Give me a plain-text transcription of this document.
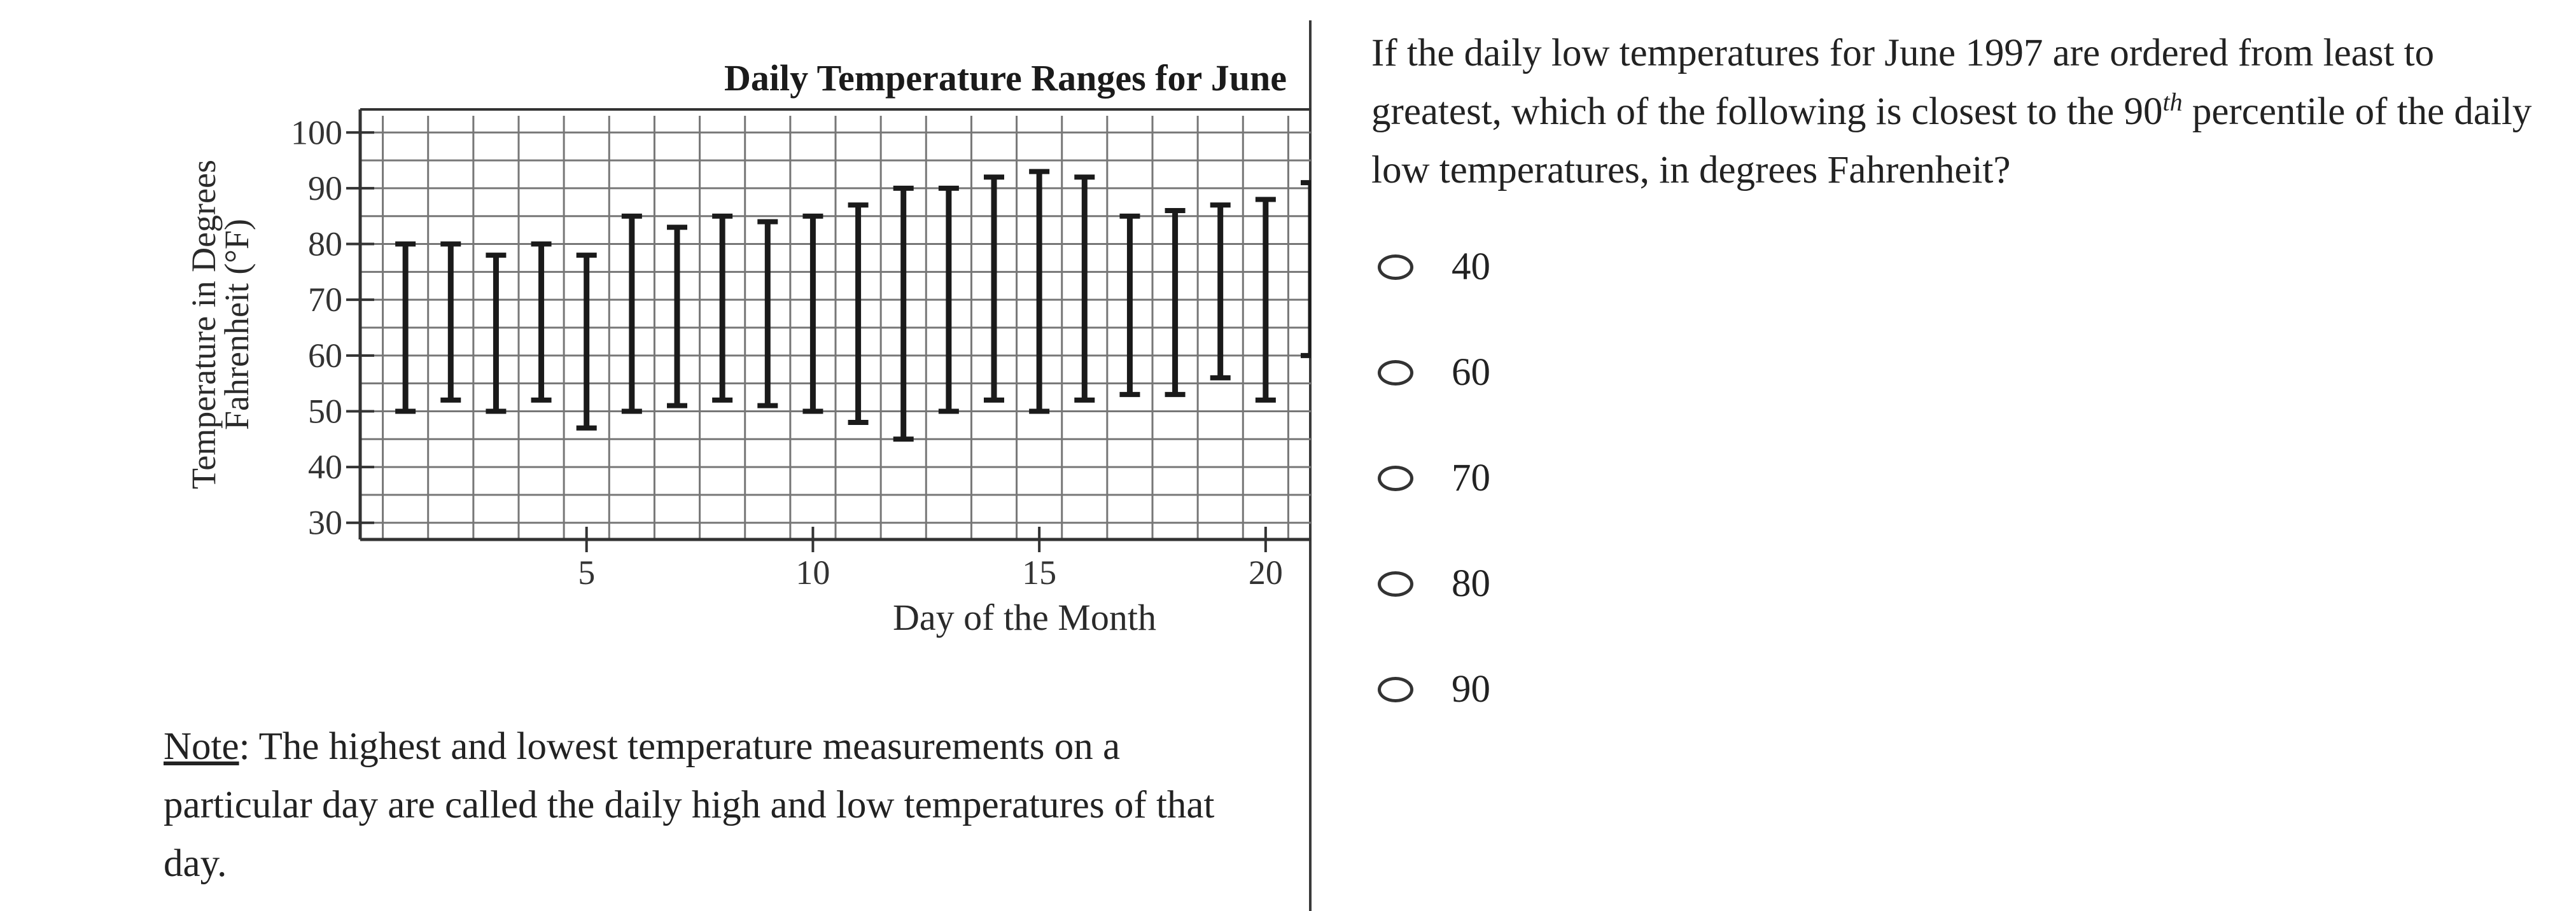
30
40
50
60
70
80
90
100
5	10	15	20
Daily Temperature Ranges for June
Day of the Month
Temperature in Degrees
Fahrenheit (°F)
Note: The highest and lowest temperature measurements on a particular day are called the daily high and low temperatures of that day.
If the daily low temperatures for June 1997 are ordered from least to greatest, which of the following is closest to the 90th percentile of the daily low temperatures, in degrees Fahrenheit?
40
60
70
80
90
